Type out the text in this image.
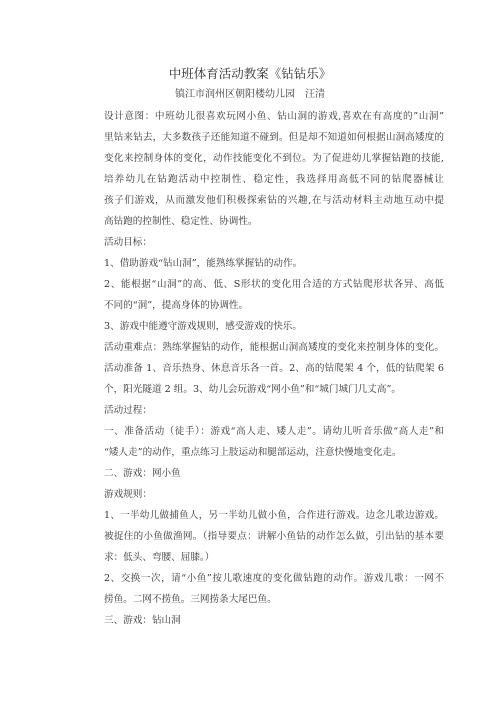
中班体育活动教案《钻钻乐》
镇江市润州区朝阳楼幼儿园　汪清
设计意图：中班幼儿很喜欢玩网小鱼、钻山洞的游戏,喜欢在有高度的”山洞”
里钻来钻去，大多数孩子还能知道不碰到。但是却不知道如何根据山洞高矮度的
变化来控制身体的变化，动作技能变化不到位。为了促进幼儿掌握钻跑的技能,
培养幼儿在钻跑活动中控制性、稳定性，我选择用高低不同的钻爬器械让
孩子们游戏，从而激发他们积极探索钻的兴趣,在与活动材料主动地互动中提
高钻跑的控制性、稳定性、协调性。
活动目标：
1、借助游戏“钻山洞”，能熟练掌握钻的动作。
2、能根据“山洞”的高、低、S形状的变化用合适的方式钻爬形状各异、高低
不同的“洞”，提高身体的协调性。
3、游戏中能遵守游戏规则，感受游戏的快乐。
活动重难点：熟练掌握钻的动作，能根据山洞高矮度的变化来控制身体的变化。
活动准备 1、音乐热身、休息音乐各一首。2、高的钻爬架 4 个，低的钻爬架 6
个，阳光隧道 2 组。3、幼儿会玩游戏“网小鱼”和“城门城门几丈高”。
活动过程：
一、准备活动（徒手）：游戏“高人走、矮人走”。请幼儿听音乐做“高人走”和
“矮人走”的动作，重点练习上肢运动和腿部运动，注意快慢地变化走。
二、游戏：网小鱼
游戏规则：
1、一半幼儿做捕鱼人，另一半幼儿做小鱼，合作进行游戏。边念儿歌边游戏。
被捉住的小鱼做渔网。（指导要点：讲解小鱼钻的动作怎么做，引出钻的基本要
求：低头、弯腰、屈膝。）
2、交换一次，请“小鱼”按儿歌速度的变化做钻跑的动作。游戏儿歌：一网不
捞鱼。二网不捞鱼。三网捞条大尾巴鱼。
三、游戏：钻山洞
